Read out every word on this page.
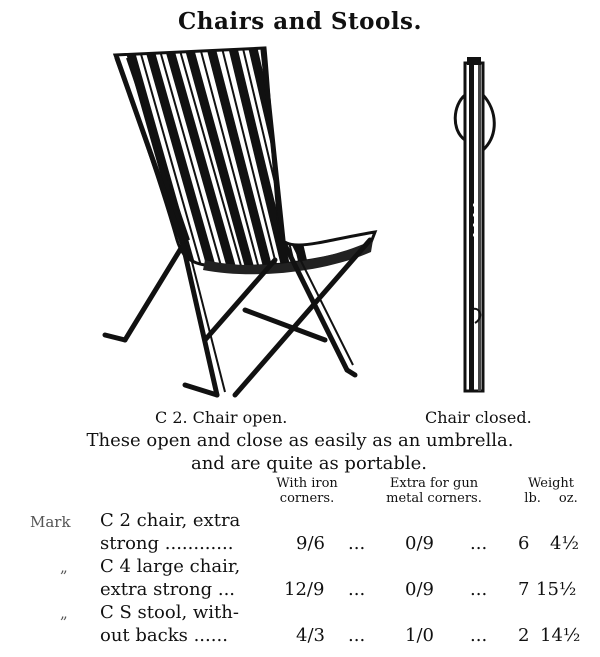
Chairs and Stools.
C 2. Chair open.	Chair closed.
These open and close as easily as an umbrella.
and are quite as portable.
With iron
corners.
Extra for gun
metal corners.
Weight
lb. oz.
Mark C 2 chair, extra
strong ............	9/6 ... 0/9 ... 6 4½
„ C 4 large chair,
extra strong ...	12/9 ... 0/9 ... 7 15½
„ C S stool, with-
out backs ......	4/3 ... 1/0 ... 2 14½
